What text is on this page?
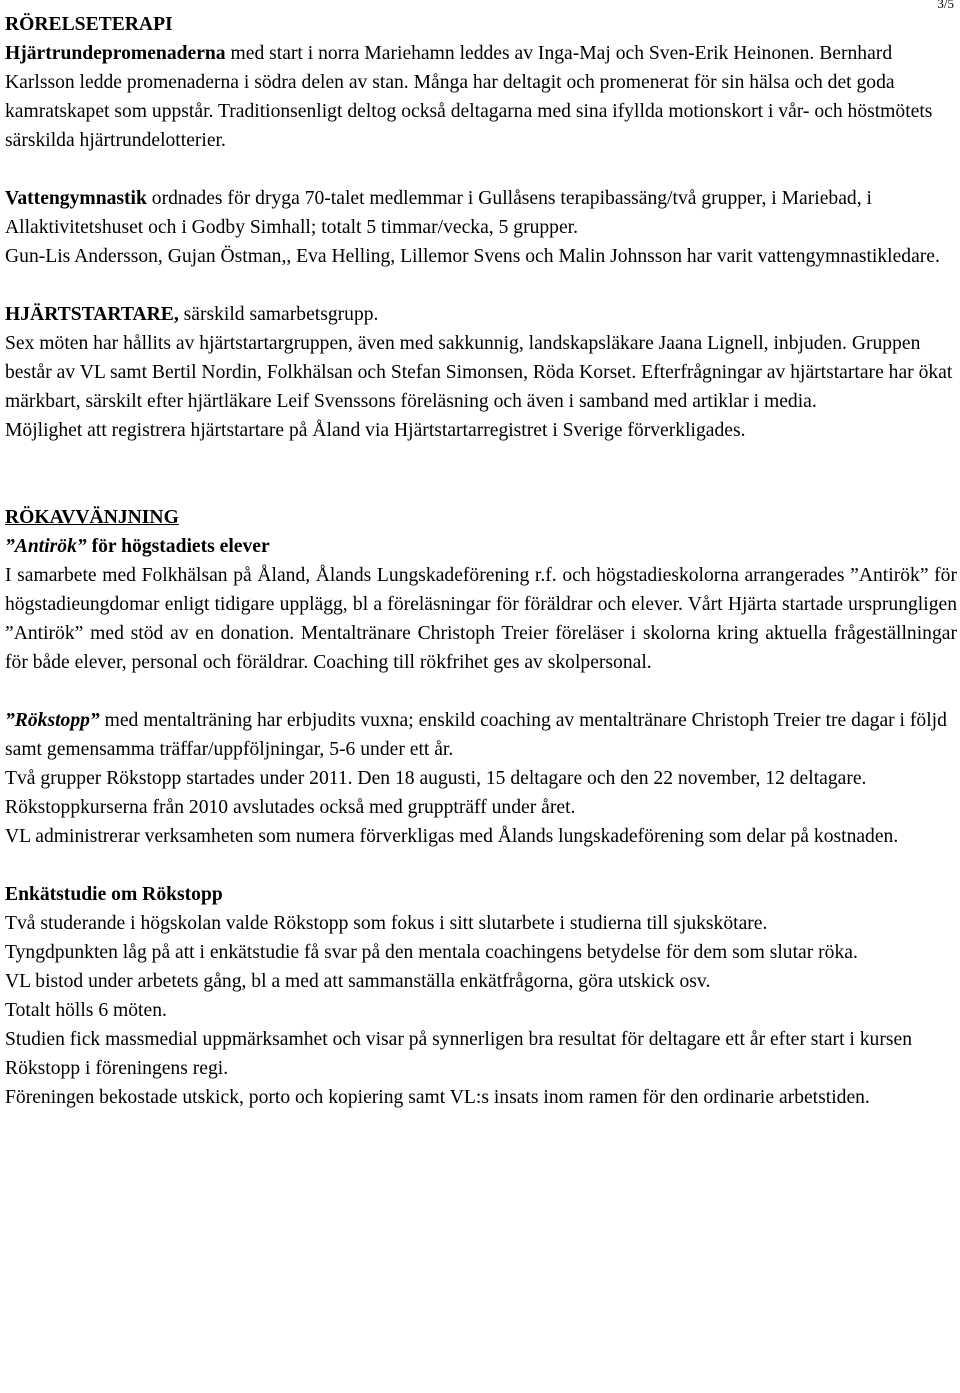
3/5

RÖRELSETERAPI

Hjärtrundepromenaderna med start i norra Mariehamn leddes av Inga-Maj och Sven-Erik Heinonen. Bernhard Karlsson ledde promenaderna i södra delen av stan. Många har deltagit och promenerat för sin hälsa och det goda kamratskapet som uppstår. Traditionsenligt deltog också deltagarna med sina ifyllda motionskort i vår- och höstmötets särskilda hjärtrundelotterier.

Vattengymnastik ordnades för dryga 70-talet medlemmar i Gullåsens terapibassäng/två grupper, i Mariebad, i Allaktivitetshuset och i Godby Simhall; totalt 5 timmar/vecka, 5 grupper.

Gun-Lis Andersson, Gujan Östman,, Eva Helling, Lillemor Svens och Malin Johnsson har varit vattengymnastikledare.

HJÄRTSTARTARE, särskild samarbetsgrupp.

Sex möten har hållits av hjärtstartargruppen, även med sakkunnig, landskapsläkare Jaana Lignell, inbjuden. Gruppen består av VL samt Bertil Nordin, Folkhälsan och Stefan Simonsen, Röda Korset. Efterfrågningar av hjärtstartare har ökat märkbart, särskilt efter hjärtläkare Leif Svenssons föreläsning och även i samband med artiklar i media.

Möjlighet att registrera hjärtstartare på Åland via Hjärtstartarregistret i Sverige förverkligades.

RÖKAVVÄNJNING

”Antirök” för högstadiets elever

I samarbete med Folkhälsan på Åland, Ålands Lungskadeförening r.f. och högstadieskolorna arrangerades ”Antirök” för högstadieungdomar enligt tidigare upplägg, bl a föreläsningar för föräldrar och elever. Vårt Hjärta startade ursprungligen ”Antirök” med stöd av en donation. Mentaltränare Christoph Treier föreläser i skolorna kring aktuella frågeställningar för både elever, personal och föräldrar. Coaching till rökfrihet ges av skolpersonal.

”Rökstopp” med mentalträning har erbjudits vuxna; enskild coaching av mentaltränare Christoph Treier tre dagar i följd samt gemensamma träffar/uppföljningar, 5-6 under ett år.

Två grupper Rökstopp startades under 2011. Den 18 augusti, 15 deltagare och den 22 november, 12 deltagare.

Rökstoppkurserna från 2010 avslutades också med gruppträff under året.

VL administrerar verksamheten som numera förverkligas med Ålands lungskadeförening som delar på kostnaden.

Enkätstudie om Rökstopp

Två studerande i högskolan valde Rökstopp som fokus i sitt slutarbete i studierna till sjukskötare.

Tyngdpunkten låg på att i enkätstudie få svar på den mentala coachingens betydelse för dem som slutar röka.

VL bistod under arbetets gång, bl a med att sammanställa enkätfrågorna, göra utskick osv.

Totalt hölls 6 möten.

Studien fick massmedial uppmärksamhet och visar på synnerligen bra resultat för deltagare ett år efter start i kursen Rökstopp i föreningens regi.

Föreningen bekostade utskick, porto och kopiering samt VL:s insats inom ramen för den ordinarie arbetstiden.
